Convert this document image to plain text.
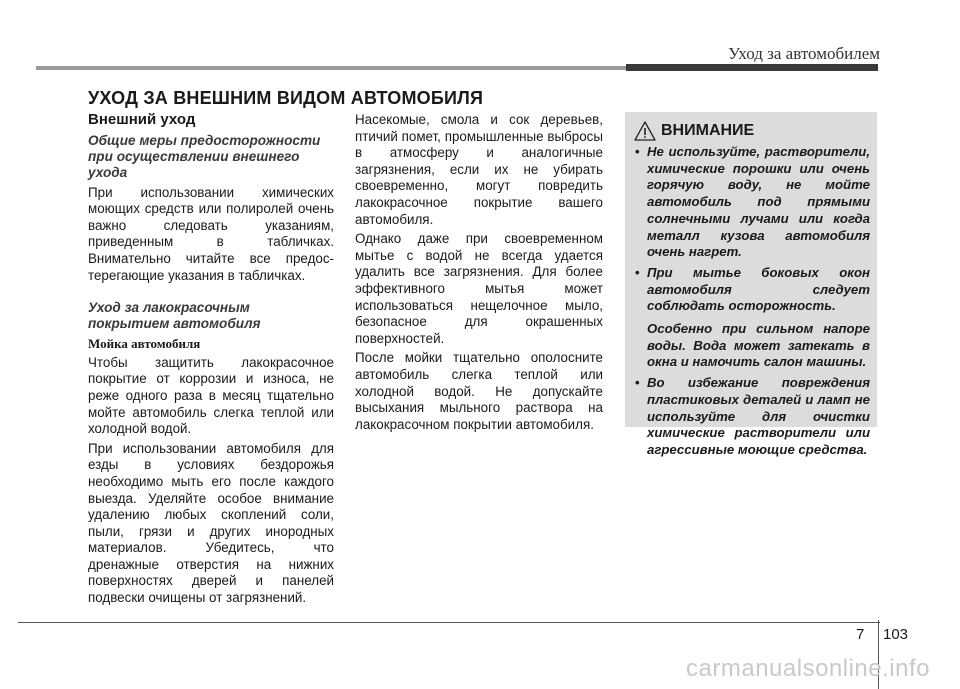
Уход за автомобилем
УХОД ЗА ВНЕШНИМ ВИДОМ АВТОМОБИЛЯ
Внешний уход
Общие меры предосторожности при осуществлении внешнего ухода

При использовании химических моющих средств или полиролей очень важно следовать указаниям, приведенным в табличках. Внимательно читайте все предос-терегающие указания в табличках.

Уход за лакокрасочным покрытием автомобиля
Мойка автомобиля

Чтобы защитить лакокрасочное покрытие от коррозии и износа, не реже одного раза в месяц тщательно мойте автомобиль слегка теплой или холодной водой.

При использовании автомобиля для езды в условиях бездорожья необходимо мыть его после каждого выезда. Уделяйте особое внимание удалению любых скоплений соли, пыли, грязи и других инородных материалов. Убедитесь, что дренажные отверстия на нижних поверхностях дверей и панелей подвески очищены от загрязнений.

Насекомые, смола и сок деревьев, птичий помет, промышленные выбросы в атмосферу и аналогичные загрязнения, если их не убирать своевременно, могут повредить лакокрасочное покрытие вашего автомобиля.

Однако даже при своевременном мытье с водой не всегда удается удалить все загрязнения. Для более эффективного мытья может использоваться нещелочное мыло, безопасное для окрашенных поверхностей.

После мойки тщательно ополосните автомобиль слегка теплой или холодной водой. Не допускайте высыхания мыльного раствора на лакокрасочном покрытии автомобиля.

ВНИМАНИЕ
• Не используйте, растворители, химические порошки или очень горячую воду, не мойте автомобиль под прямыми солнечными лучами или когда металл кузова автомобиля очень нагрет.

• При мытье боковых окон автомобиля следует соблюдать осторожность.

Особенно при сильном напоре воды. Вода может затекать в окна и намочить салон машины.

• Во избежание повреждения пластиковых деталей и ламп не используйте для очистки химические растворители или агрессивные моющие средства.

7 103
carmanualsonline.info
